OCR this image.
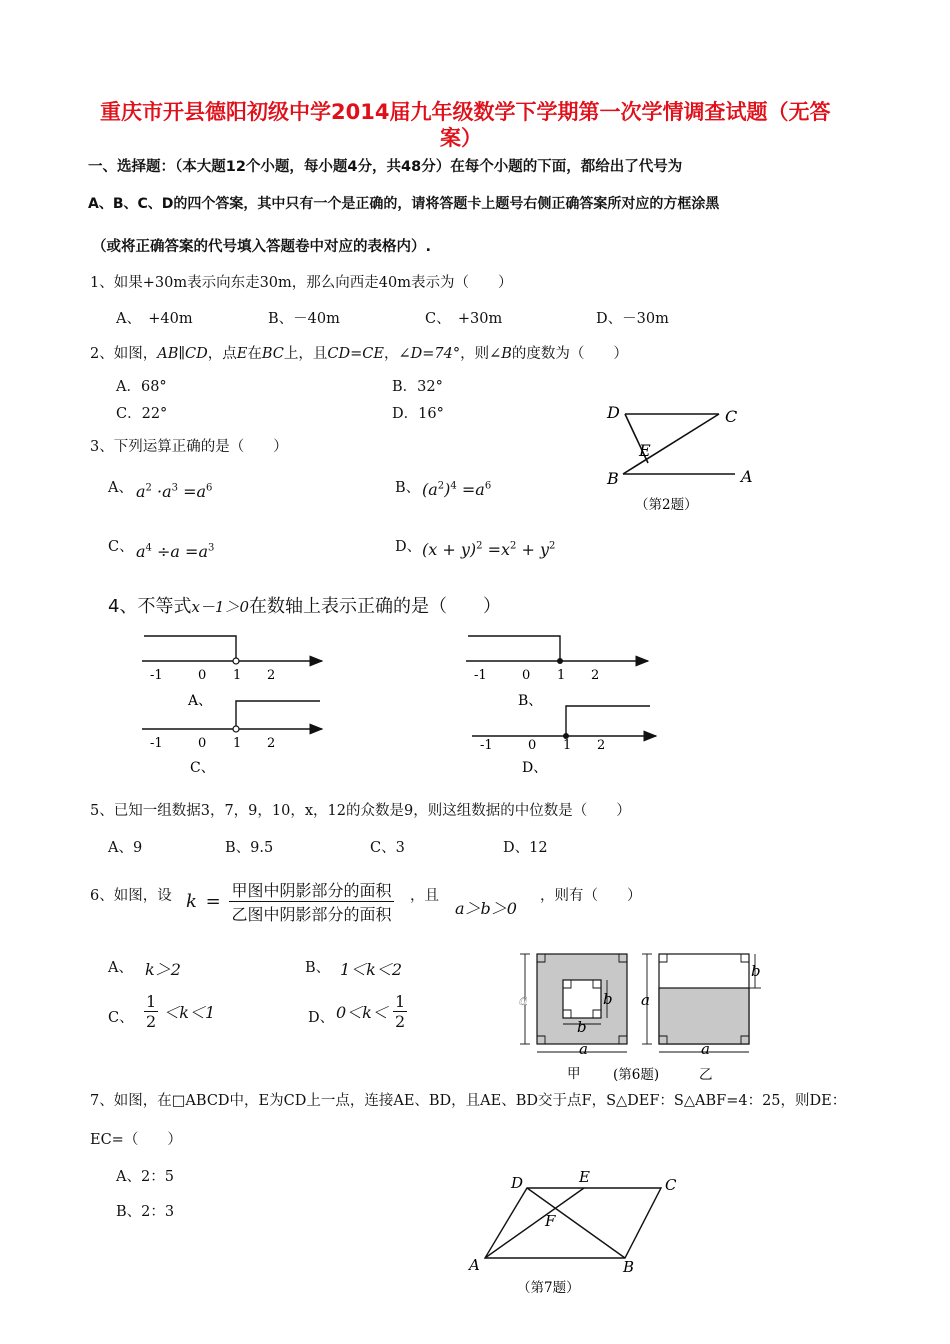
重庆市开县德阳初级中学2014届九年级数学下学期第一次学情调查试题（无答
案）
一、选择题：（本大题12个小题，每小题4分，共48分）在每个小题的下面，都给出了代号为
A、B、C、D的四个答案，其中只有一个是正确的，请将答题卡上题号右侧正确答案所对应的方框涂黑
（或将正确答案的代号填入答题卷中对应的表格内）.
1、如果+30m表示向东走30m，那么向西走40m表示为（　　）
A、　+40m	B、－40m	C、　+30m	D、－30m
2、如图，AB∥CD，点E在BC上，且CD=CE，∠D=74°，则∠B的度数为（　　）
A．68°	B．32°
C．22°	D．16°	D	C
E
B	A
（第2题）
3、下列运算正确的是（　　）
A、 $a^2 \cdot a^3 =a^6$	B、 $(a^2)^4 =a^6$
C、 $a^4 \div a =a^3$	D、 $(x + y)^2 =x^2 + y^2$
4、不等式x－1＞0在数轴上表示正确的是（　　）
-1	0 1 2	-1	0 1 2
-1	0 1 2	-1	0 1 2
A、	B、
C、	D、
5、已知一组数据3，7，9，10，x，12的众数是9，则这组数据的中位数是（　　）
A、9	B、9.5	C、3	D、12
6、如图，设 $k = \frac{\text{甲图中阴影部分的面积}}{\text{乙图中阴影部分的面积}}$ ，且
a＞b＞0
，则有（　　）
A、 k＞2	B、 1＜k＜2
C、 $\frac{1}{2} <k<1$	D、 $0<k< \frac{1}{2}$	a
a
a
a
b
b
b
甲 (第6题)	乙
7、如图，在□ABCD中，E为CD上一点，连接AE、BD，且AE、BD交于点F，S△DEF：S△ABF=4：25，则DE：
EC=（　　）
A、2：5
B、2：3
D	E	C
F
A	B
（第7题）
